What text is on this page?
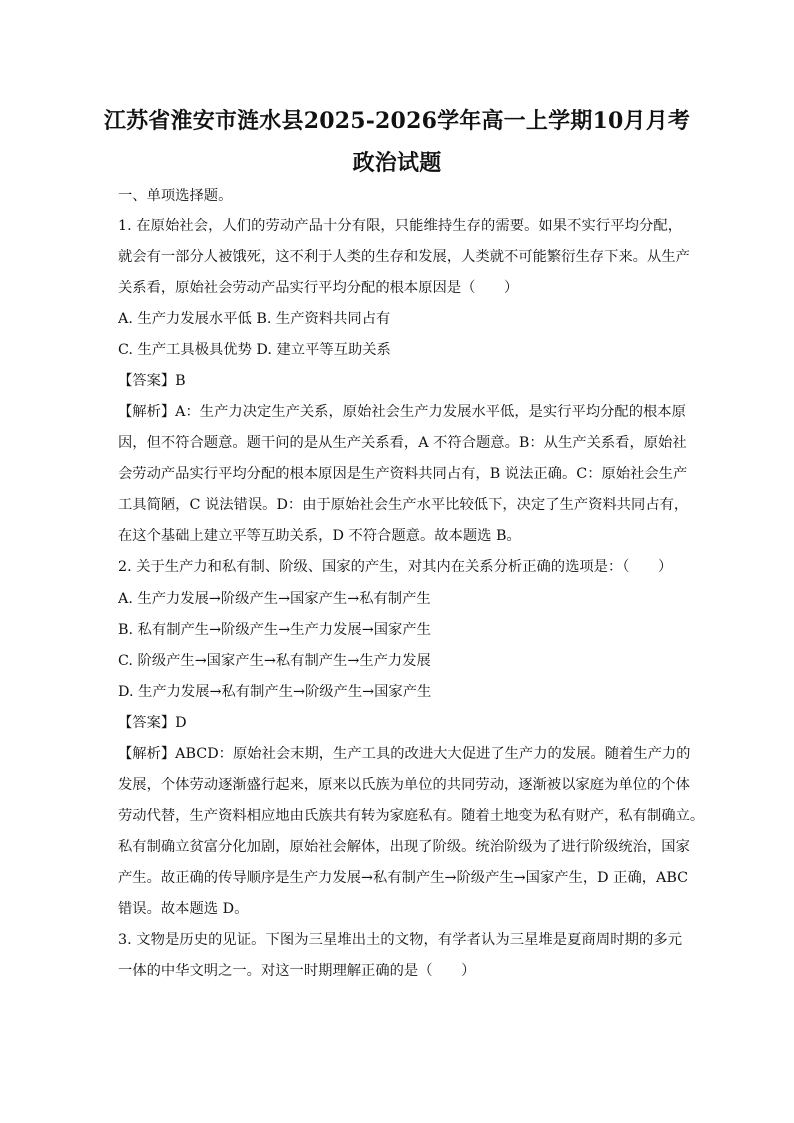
江苏省淮安市涟水县2025-2026学年高一上学期10月月考
政治试题
一、单项选择题。
1. 在原始社会，人们的劳动产品十分有限，只能维持生存的需要。如果不实行平均分配，
就会有一部分人被饿死，这不利于人类的生存和发展，人类就不可能繁衍生存下来。从生产
关系看，原始社会劳动产品实行平均分配的根本原因是（　　）
A. 生产力发展水平低 B. 生产资料共同占有
C. 生产工具极具优势 D. 建立平等互助关系
【答案】B
【解析】A：生产力决定生产关系，原始社会生产力发展水平低，是实行平均分配的根本原
因，但不符合题意。题干问的是从生产关系看，A 不符合题意。B：从生产关系看，原始社
会劳动产品实行平均分配的根本原因是生产资料共同占有，B 说法正确。C：原始社会生产
工具简陋，C 说法错误。D：由于原始社会生产水平比较低下，决定了生产资料共同占有，
在这个基础上建立平等互助关系，D 不符合题意。故本题选 B。
2. 关于生产力和私有制、阶级、国家的产生，对其内在关系分析正确的选项是：（　　）
A. 生产力发展→阶级产生→国家产生→私有制产生
B. 私有制产生→阶级产生→生产力发展→国家产生
C. 阶级产生→国家产生→私有制产生→生产力发展
D. 生产力发展→私有制产生→阶级产生→国家产生
【答案】D
【解析】ABCD：原始社会末期，生产工具的改进大大促进了生产力的发展。随着生产力的
发展，个体劳动逐渐盛行起来，原来以氏族为单位的共同劳动，逐渐被以家庭为单位的个体
劳动代替，生产资料相应地由氏族共有转为家庭私有。随着土地变为私有财产，私有制确立。
私有制确立贫富分化加剧，原始社会解体，出现了阶级。统治阶级为了进行阶级统治，国家
产生。故正确的传导顺序是生产力发展→私有制产生→阶级产生→国家产生，D 正确，ABC
错误。故本题选 D。
3. 文物是历史的见证。下图为三星堆出土的文物，有学者认为三星堆是夏商周时期的多元
一体的中华文明之一。对这一时期理解正确的是（　　）
